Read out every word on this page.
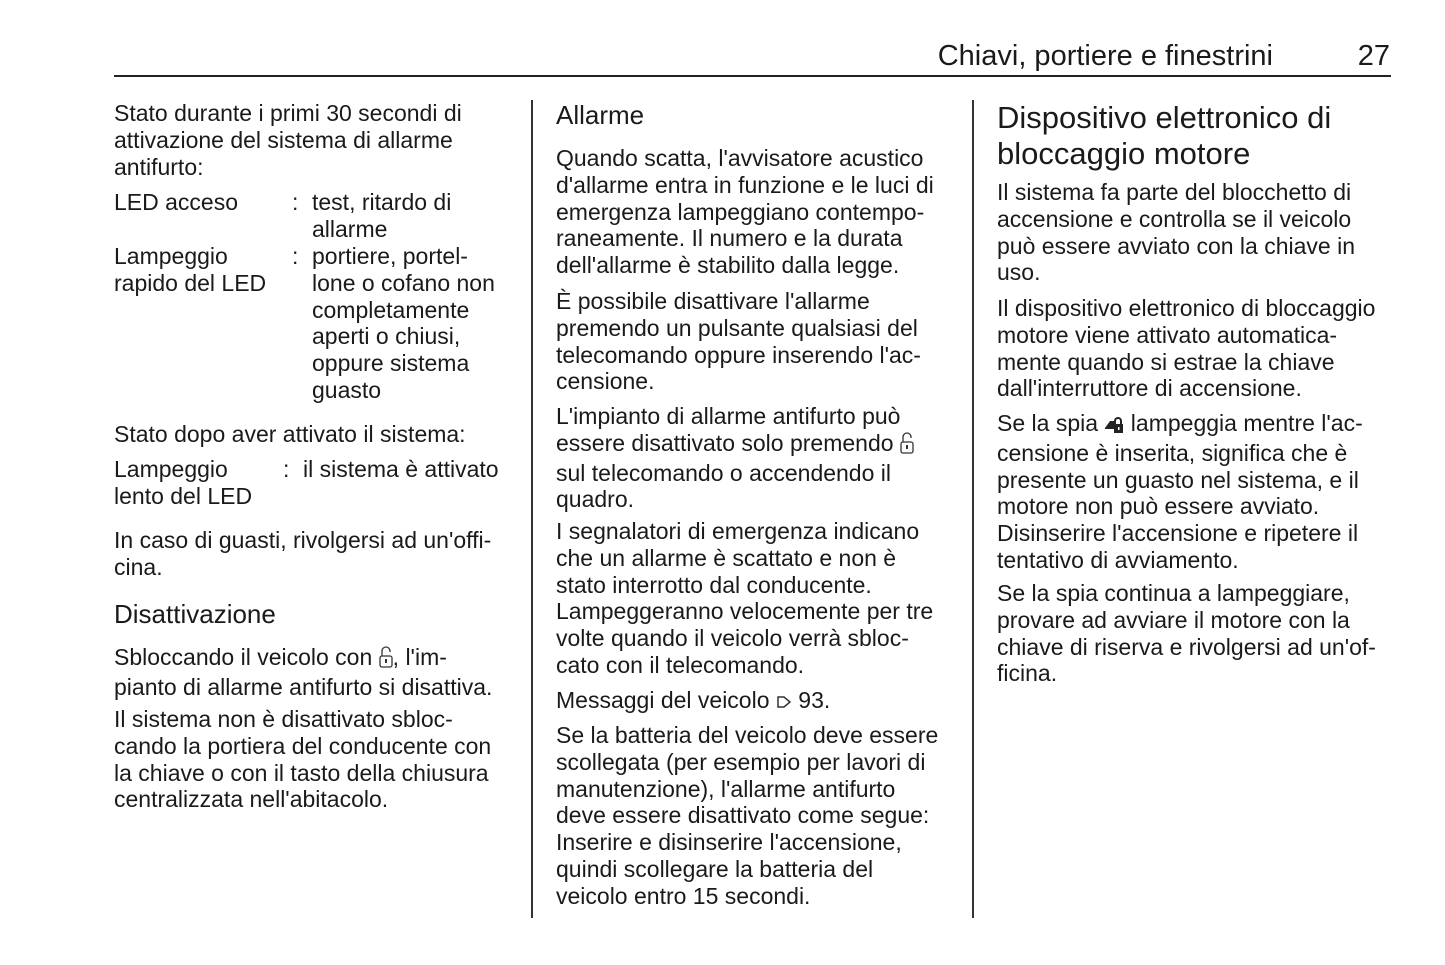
Chiavi, portiere e finestrini	27
Stato durante i primi 30 secondi di
attivazione del sistema di allarme
antifurto:
LED acceso : test, ritardo di
allarme
Lampeggio
rapido del LED
: portiere, portel-
lone o cofano non
completamente
aperti o chiusi,
oppure sistema
guasto
Stato dopo aver attivato il sistema:
Lampeggio
lento del LED
: il sistema è attivato
In caso di guasti, rivolgersi ad un'offi-
cina.
Disattivazione
Sbloccando il veicolo con , l'im-
pianto di allarme antifurto si disattiva.
Il sistema non è disattivato sbloc-
cando la portiera del conducente con
la chiave o con il tasto della chiusura
centralizzata nell'abitacolo.
Allarme
Quando scatta, l'avvisatore acustico
d'allarme entra in funzione e le luci di
emergenza lampeggiano contempo-
raneamente. Il numero e la durata
dell'allarme è stabilito dalla legge.
È possibile disattivare l'allarme
premendo un pulsante qualsiasi del
telecomando oppure inserendo l'ac-
censione.
L'impianto di allarme antifurto può
essere disattivato solo premendo
sul telecomando o accendendo il
quadro.
I segnalatori di emergenza indicano
che un allarme è scattato e non è
stato interrotto dal conducente.
Lampeggeranno velocemente per tre
volte quando il veicolo verrà sbloc-
cato con il telecomando.
Messaggi del veicolo  93.
Se la batteria del veicolo deve essere
scollegata (per esempio per lavori di
manutenzione), l'allarme antifurto
deve essere disattivato come segue:
Inserire e disinserire l'accensione,
quindi scollegare la batteria del
veicolo entro 15 secondi.
Dispositivo elettronico di
bloccaggio motore
Il sistema fa parte del blocchetto di
accensione e controlla se il veicolo
può essere avviato con la chiave in
uso.
Il dispositivo elettronico di bloccaggio
motore viene attivato automatica-
mente quando si estrae la chiave
dall'interruttore di accensione.
Se la spia  lampeggia mentre l'ac-
censione è inserita, significa che è
presente un guasto nel sistema, e il
motore non può essere avviato.
Disinserire l'accensione e ripetere il
tentativo di avviamento.
Se la spia continua a lampeggiare,
provare ad avviare il motore con la
chiave di riserva e rivolgersi ad un'of-
ficina.
